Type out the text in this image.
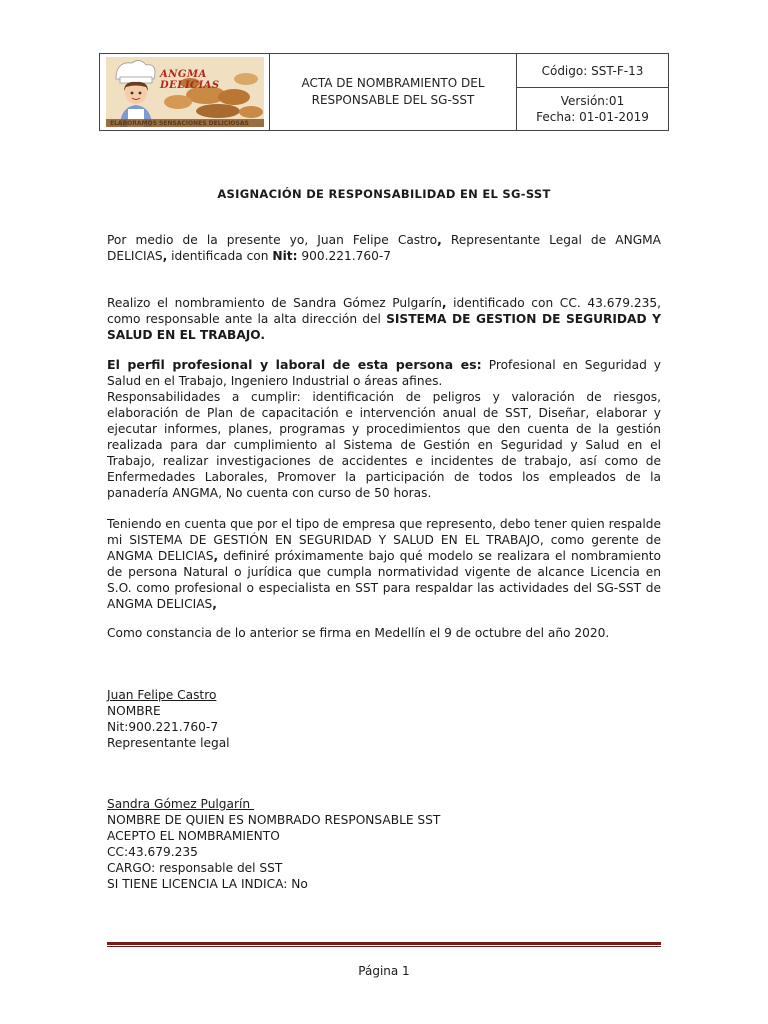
ANGMA DELICIAS
ELABORAMOS SENSACIONES DELICIOSAS
ACTA DE NOMBRAMIENTO DEL
RESPONSABLE DEL SG-SST
Código: SST-F-13
Versión:01
Fecha: 01-01-2019
ASIGNACIÓN DE RESPONSABILIDAD EN EL SG-SST

Por medio de la presente yo, Juan Felipe Castro, Representante Legal de ANGMA DELICIAS, identificada con Nit: 900.221.760-7

Realizo el nombramiento de Sandra Gómez Pulgarín, identificado con CC. 43.679.235, como responsable ante la alta dirección del SISTEMA DE GESTION DE SEGURIDAD Y SALUD EN EL TRABAJO.

El perfil profesional y laboral de esta persona es: Profesional en Seguridad y Salud en el Trabajo, Ingeniero Industrial o áreas afines.
Responsabilidades a cumplir: identificación de peligros y valoración de riesgos, elaboración de Plan de capacitación e intervención anual de SST, Diseñar, elaborar y ejecutar informes, planes, programas y procedimientos que den cuenta de la gestión realizada para dar cumplimiento al Sistema de Gestión en Seguridad y Salud en el Trabajo, realizar investigaciones de accidentes e incidentes de trabajo, así como de Enfermedades Laborales, Promover la participación de todos los empleados de la panadería ANGMA, No cuenta con curso de 50 horas.

Teniendo en cuenta que por el tipo de empresa que represento, debo tener quien respalde mi SISTEMA DE GESTIÓN EN SEGURIDAD Y SALUD EN EL TRABAJO, como gerente de ANGMA DELICIAS, definiré próximamente bajo qué modelo se realizara el nombramiento de persona Natural o jurídica que cumpla normatividad vigente de alcance Licencia en S.O. como profesional o especialista en SST para respaldar las actividades del SG-SST de ANGMA DELICIAS,

Como constancia de lo anterior se firma en Medellín el 9 de octubre del año 2020.

Juan Felipe Castro
NOMBRE
Nit:900.221.760-7
Representante legal
Sandra Gómez Pulgarín
NOMBRE DE QUIEN ES NOMBRADO RESPONSABLE SST
ACEPTO EL NOMBRAMIENTO
CC:43.679.235
CARGO: responsable del SST
SI TIENE LICENCIA LA INDICA: No
Página 1
